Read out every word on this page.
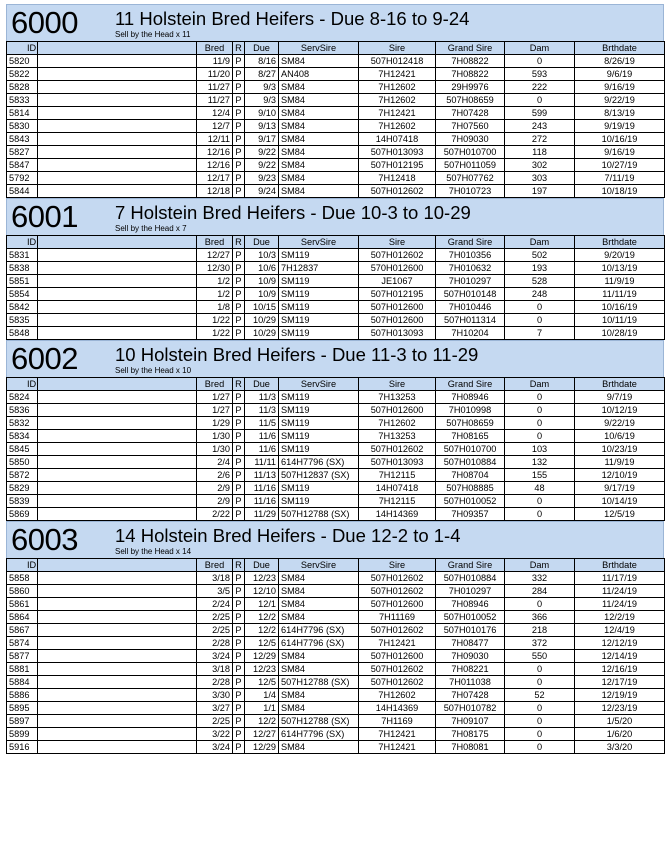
6000 11 Holstein Bred Heifers - Due 8-16 to 9-24
Sell by the Head x 11
ID		Bred	R	Due	ServSire	Sire	Grand Sire	Dam	Brthdate
5820		11/9	P	8/16	SM84	507H012418	7H08822	0	8/26/19
5822		11/20	P	8/27	AN408	7H12421	7H08822	593	9/6/19
5828		11/27	P	9/3	SM84	7H12602	29H9976	222	9/16/19
5833		11/27	P	9/3	SM84	7H12602	507H08659	0	9/22/19
5814		12/4	P	9/10	SM84	7H12421	7H07428	599	8/13/19
5830		12/7	P	9/13	SM84	7H12602	7H07560	243	9/19/19
5843		12/11	P	9/17	SM84	14H07418	7H09030	272	10/16/19
5827		12/16	P	9/22	SM84	507H013093	507H010700	118	9/16/19
5847		12/16	P	9/22	SM84	507H012195	507H011059	302	10/27/19
5792		12/17	P	9/23	SM84	7H12418	507H07762	303	7/11/19
5844		12/18	P	9/24	SM84	507H012602	7H010723	197	10/18/19
6001 7 Holstein Bred Heifers - Due 10-3 to 10-29
Sell by the Head x 7
ID		Bred	R	Due	ServSire	Sire	Grand Sire	Dam	Brthdate
5831		12/27	P	10/3	SM119	507H012602	7H010356	502	9/20/19
5838		12/30	P	10/6	7H12837	570H012600	7H010632	193	10/13/19
5851		1/2	P	10/9	SM119	JE1067	7H010297	528	11/9/19
5854		1/2	P	10/9	SM119	507H012195	507H010148	248	11/11/19
5842		1/8	P	10/15	SM119	507H012600	7H010446	0	10/16/19
5835		1/22	P	10/29	SM119	507H012600	507H011314	0	10/11/19
5848		1/22	P	10/29	SM119	507H013093	7H10204	7	10/28/19
6002 10 Holstein Bred Heifers - Due 11-3 to 11-29
Sell by the Head x 10
ID		Bred	R	Due	ServSire	Sire	Grand Sire	Dam	Brthdate
5824		1/27	P	11/3	SM119	7H13253	7H08946	0	9/7/19
5836		1/27	P	11/3	SM119	507H012600	7H010998	0	10/12/19
5832		1/29	P	11/5	SM119	7H12602	507H08659	0	9/22/19
5834		1/30	P	11/6	SM119	7H13253	7H08165	0	10/6/19
5845		1/30	P	11/6	SM119	507H012602	507H010700	103	10/23/19
5850		2/4	P	11/11	614H7796 (SX)	507H013093	507H010884	132	11/9/19
5872		2/6	P	11/13	507H12837 (SX)	7H12115	7H08704	155	12/10/19
5829		2/9	P	11/16	SM119	14H07418	507H08885	48	9/17/19
5839		2/9	P	11/16	SM119	7H12115	507H010052	0	10/14/19
5869		2/22	P	11/29	507H12788 (SX)	14H14369	7H09357	0	12/5/19
6003 14 Holstein Bred Heifers - Due 12-2 to 1-4
Sell by the Head x 14
ID		Bred	R	Due	ServSire	Sire	Grand Sire	Dam	Brthdate
5858		3/18	P	12/23	SM84	507H012602	507H010884	332	11/17/19
5860		3/5	P	12/10	SM84	507H012602	7H010297	284	11/24/19
5861		2/24	P	12/1	SM84	507H012600	7H08946	0	11/24/19
5864		2/25	P	12/2	SM84	7H11169	507H010052	366	12/2/19
5867		2/25	P	12/2	614H7796 (SX)	507H012602	507H010176	218	12/4/19
5874		2/28	P	12/5	614H7796 (SX)	7H12421	7H08477	372	12/12/19
5877		3/24	P	12/29	SM84	507H012600	7H09030	550	12/14/19
5881		3/18	P	12/23	SM84	507H012602	7H08221	0	12/16/19
5884		2/28	P	12/5	507H12788 (SX)	507H012602	7H011038	0	12/17/19
5886		3/30	P	1/4	SM84	7H12602	7H07428	52	12/19/19
5895		3/27	P	1/1	SM84	14H14369	507H010782	0	12/23/19
5897		2/25	P	12/2	507H12788 (SX)	7H1169	7H09107	0	1/5/20
5899		3/22	P	12/27	614H7796 (SX)	7H12421	7H08175	0	1/6/20
5916		3/24	P	12/29	SM84	7H12421	7H08081	0	3/3/20
